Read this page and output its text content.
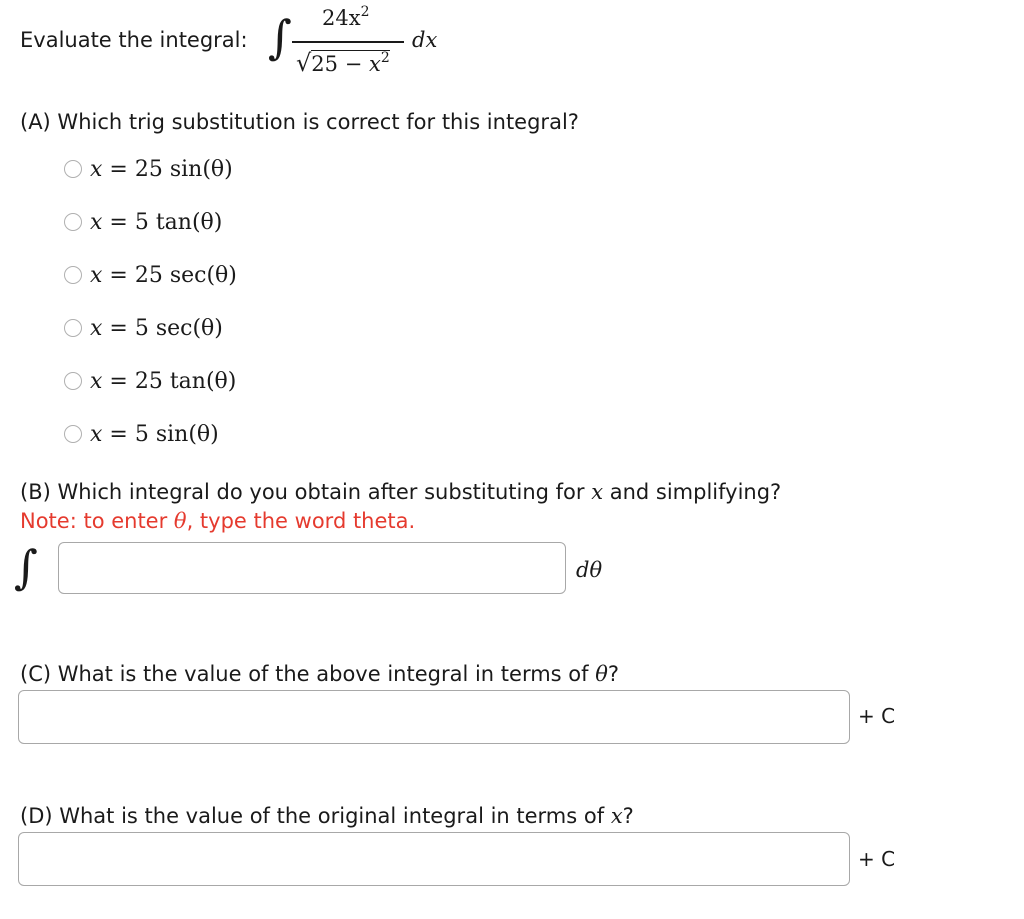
Evaluate the integral: ∫ $24x^2$
$√25 - x^2$
dx
(A) Which trig substitution is correct for this integral?
x = 25 sin(θ)
x = 5 tan(θ)
x = 25 sec(θ)
x = 5 sec(θ)
x = 25 tan(θ)
x = 5 sin(θ)
(B) Which integral do you obtain after substituting for x and simplifying?
Note: to enter θ, type the word theta.
∫	dθ
(C) What is the value of the above integral in terms of θ?
+ C
(D) What is the value of the original integral in terms of x?
+ C
